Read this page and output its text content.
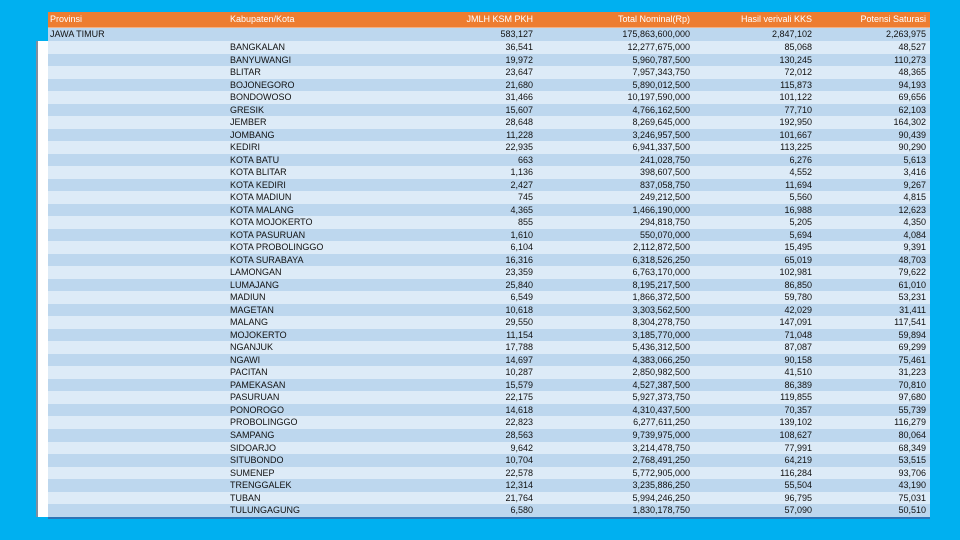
Provinsi	Kabupaten/Kota	JMLH KSM PKH	Total Nominal(Rp)	Hasil verivali KKS	Potensi Saturasi
JAWA TIMUR	583,127	175,863,600,000	2,847,102	2,263,975
BANGKALAN	36,541	12,277,675,000	85,068	48,527
BANYUWANGI	19,972	5,960,787,500	130,245	110,273
BLITAR	23,647	7,957,343,750	72,012	48,365
BOJONEGORO	21,680	5,890,012,500	115,873	94,193
BONDOWOSO	31,466	10,197,590,000	101,122	69,656
GRESIK	15,607	4,766,162,500	77,710	62,103
JEMBER	28,648	8,269,645,000	192,950	164,302
JOMBANG	11,228	3,246,957,500	101,667	90,439
KEDIRI	22,935	6,941,337,500	113,225	90,290
KOTA BATU	663	241,028,750	6,276	5,613
KOTA BLITAR	1,136	398,607,500	4,552	3,416
KOTA KEDIRI	2,427	837,058,750	11,694	9,267
KOTA MADIUN	745	249,212,500	5,560	4,815
KOTA MALANG	4,365	1,466,190,000	16,988	12,623
KOTA MOJOKERTO	855	294,818,750	5,205	4,350
KOTA PASURUAN	1,610	550,070,000	5,694	4,084
KOTA PROBOLINGGO	6,104	2,112,872,500	15,495	9,391
KOTA SURABAYA	16,316	6,318,526,250	65,019	48,703
LAMONGAN	23,359	6,763,170,000	102,981	79,622
LUMAJANG	25,840	8,195,217,500	86,850	61,010
MADIUN	6,549	1,866,372,500	59,780	53,231
MAGETAN	10,618	3,303,562,500	42,029	31,411
MALANG	29,550	8,304,278,750	147,091	117,541
MOJOKERTO	11,154	3,185,770,000	71,048	59,894
NGANJUK	17,788	5,436,312,500	87,087	69,299
NGAWI	14,697	4,383,066,250	90,158	75,461
PACITAN	10,287	2,850,982,500	41,510	31,223
PAMEKASAN	15,579	4,527,387,500	86,389	70,810
PASURUAN	22,175	5,927,373,750	119,855	97,680
PONOROGO	14,618	4,310,437,500	70,357	55,739
PROBOLINGGO	22,823	6,277,611,250	139,102	116,279
SAMPANG	28,563	9,739,975,000	108,627	80,064
SIDOARJO	9,642	3,214,478,750	77,991	68,349
SITUBONDO	10,704	2,768,491,250	64,219	53,515
SUMENEP	22,578	5,772,905,000	116,284	93,706
TRENGGALEK	12,314	3,235,886,250	55,504	43,190
TUBAN	21,764	5,994,246,250	96,795	75,031
TULUNGAGUNG	6,580	1,830,178,750	57,090	50,510
